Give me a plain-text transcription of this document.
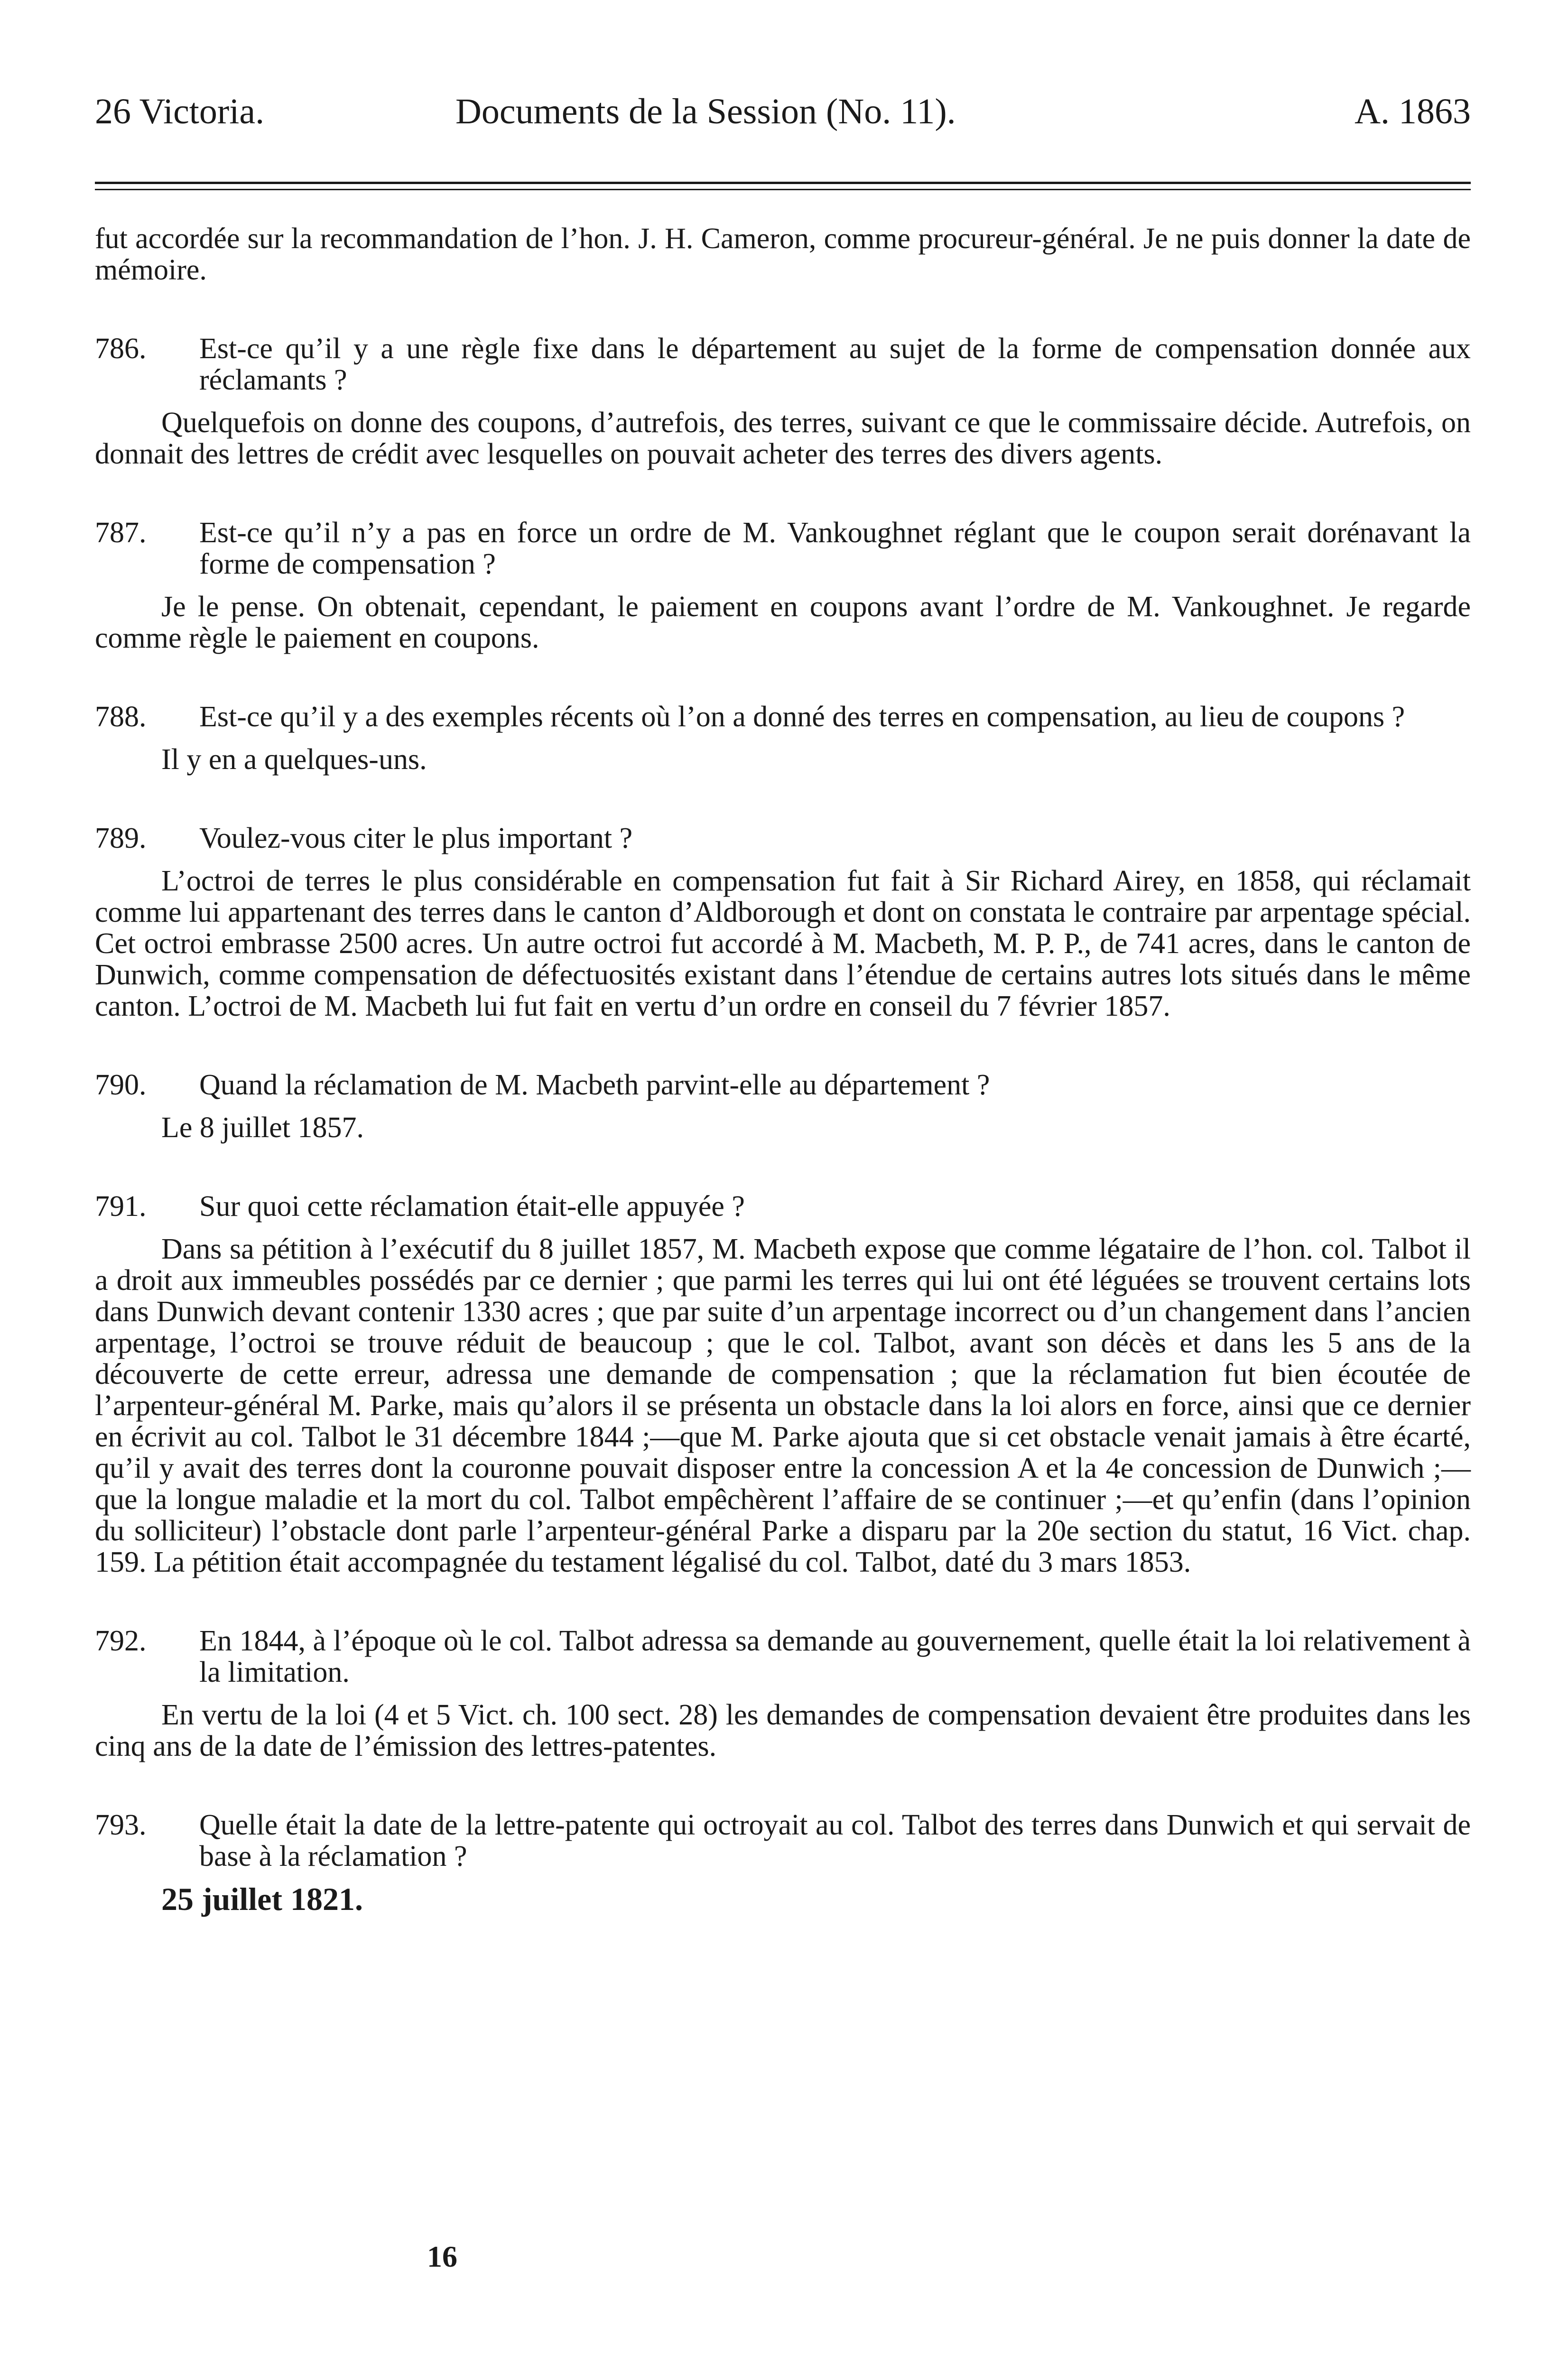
26 Victoria.	Documents de la Session (No. 11).	A. 1863

fut accordée sur la recommandation de l’hon. J. H. Cameron, comme procureur-général. Je ne puis donner la date de mémoire.

786. Est-ce qu’il y a une règle fixe dans le département au sujet de la forme de compensation donnée aux réclamants ?

Quelquefois on donne des coupons, d’autrefois, des terres, suivant ce que le commissaire décide. Autrefois, on donnait des lettres de crédit avec lesquelles on pouvait acheter des terres des divers agents.

787. Est-ce qu’il n’y a pas en force un ordre de M. Vankoughnet réglant que le coupon serait dorénavant la forme de compensation ?

Je le pense. On obtenait, cependant, le paiement en coupons avant l’ordre de M. Vankoughnet. Je regarde comme règle le paiement en coupons.

788. Est-ce qu’il y a des exemples récents où l’on a donné des terres en compensation, au lieu de coupons ?

Il y en a quelques-uns.

789. Voulez-vous citer le plus important ?

L’octroi de terres le plus considérable en compensation fut fait à Sir Richard Airey, en 1858, qui réclamait comme lui appartenant des terres dans le canton d’Aldborough et dont on constata le contraire par arpentage spécial. Cet octroi embrasse 2500 acres. Un autre octroi fut accordé à M. Macbeth, M. P. P., de 741 acres, dans le canton de Dunwich, comme compensation de défectuosités existant dans l’étendue de certains autres lots situés dans le même canton. L’octroi de M. Macbeth lui fut fait en vertu d’un ordre en conseil du 7 février 1857.

790. Quand la réclamation de M. Macbeth parvint-elle au département ?

Le 8 juillet 1857.

791. Sur quoi cette réclamation était-elle appuyée ?

Dans sa pétition à l’exécutif du 8 juillet 1857, M. Macbeth expose que comme légataire de l’hon. col. Talbot il a droit aux immeubles possédés par ce dernier ; que parmi les terres qui lui ont été léguées se trouvent certains lots dans Dunwich devant contenir 1330 acres ; que par suite d’un arpentage incorrect ou d’un changement dans l’ancien arpentage, l’octroi se trouve réduit de beaucoup ; que le col. Talbot, avant son décès et dans les 5 ans de la découverte de cette erreur, adressa une demande de compensation ; que la réclamation fut bien écoutée de l’arpenteur-général M. Parke, mais qu’alors il se présenta un obstacle dans la loi alors en force, ainsi que ce dernier en écrivit au col. Talbot le 31 décembre 1844 ;—que M. Parke ajouta que si cet obstacle venait jamais à être écarté, qu’il y avait des terres dont la couronne pouvait disposer entre la concession A et la 4e concession de Dunwich ;—que la longue maladie et la mort du col. Talbot empêchèrent l’affaire de se continuer ;—et qu’enfin (dans l’opinion du solliciteur) l’obstacle dont parle l’arpenteur-général Parke a disparu par la 20e section du statut, 16 Vict. chap. 159. La pétition était accompagnée du testament légalisé du col. Talbot, daté du 3 mars 1853.

792. En 1844, à l’époque où le col. Talbot adressa sa demande au gouvernement, quelle était la loi relativement à la limitation.

En vertu de la loi (4 et 5 Vict. ch. 100 sect. 28) les demandes de compensation devaient être produites dans les cinq ans de la date de l’émission des lettres-patentes.

793. Quelle était la date de la lettre-patente qui octroyait au col. Talbot des terres dans Dunwich et qui servait de base à la réclamation ?

25 juillet 1821.

16
